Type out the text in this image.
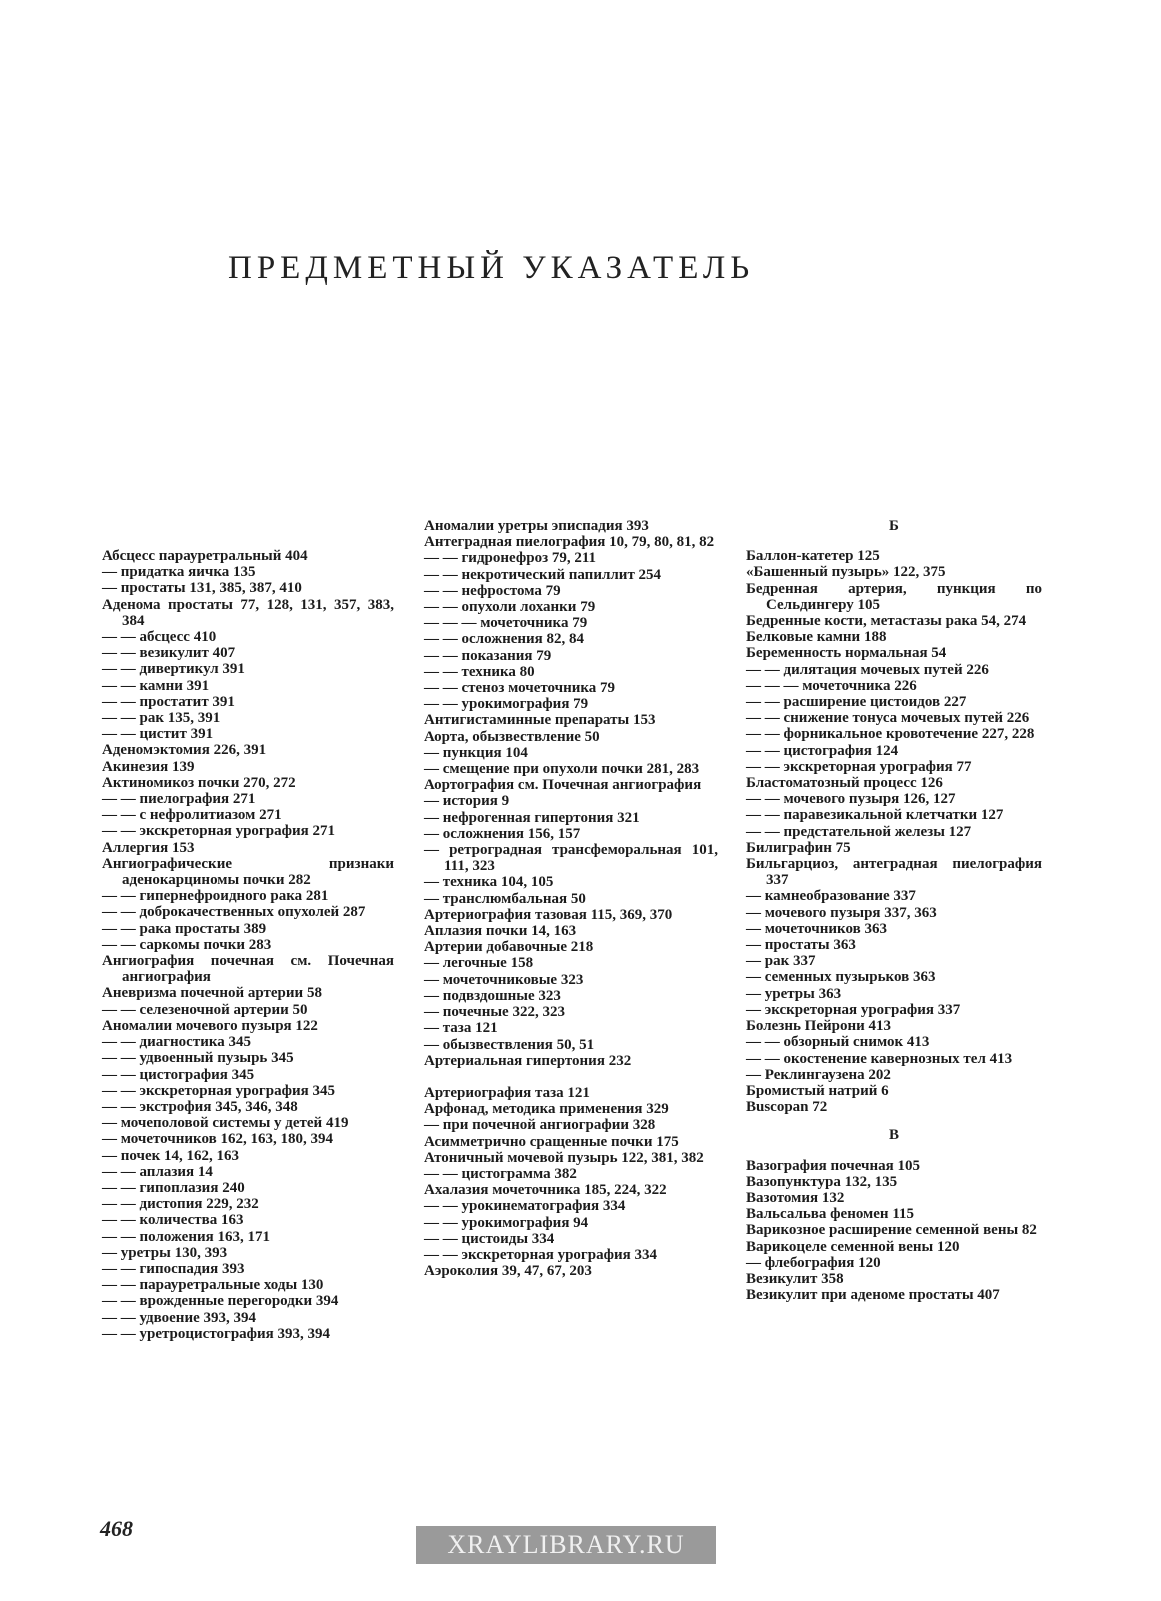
ПРЕДМЕТНЫЙ УКАЗАТЕЛЬ
Абсцесс парауретральный 404
— придатка яичка 135
— простаты 131, 385, 387, 410
Аденома простаты 77, 128, 131, 357, 383, 384
— — абсцесс 410
— — везикулит 407
— — дивертикул 391
— — камни 391
— — простатит 391
— — рак 135, 391
— — цистит 391
Аденомэктомия 226, 391
Акинезия 139
Актиномикоз почки 270, 272
— — пиелография 271
— — с нефролитиазом 271
— — экскреторная урография 271
Аллергия 153
Ангиографические признаки аденокарциномы почки 282
— — гипернефроидного рака 281
— — доброкачественных опухолей 287
— — рака простаты 389
— — саркомы почки 283
Ангиография почечная см. Почечная ангиография
Аневризма почечной артерии 58
— — селезеночной артерии 50
Аномалии мочевого пузыря 122
— — диагностика 345
— — удвоенный пузырь 345
— — цистография 345
— — экскреторная урография 345
— — экстрофия 345, 346, 348
— мочеполовой системы у детей 419
— мочеточников 162, 163, 180, 394
— почек 14, 162, 163
— — аплазия 14
— — гипоплазия 240
— — дистопия 229, 232
— — количества 163
— — положения 163, 171
— уретры 130, 393
— — гипоспадия 393
— — парауретральные ходы 130
— — врожденные перегородки 394
— — удвоение 393, 394
— — уретроцистография 393, 394
Аномалии уретры эписпадия 393
Антеградная пиелография 10, 79, 80, 81, 82
— — гидронефроз 79, 211
— — некротический папиллит 254
— — нефростома 79
— — опухоли лоханки 79
— — — мочеточника 79
— — осложнения 82, 84
— — показания 79
— — техника 80
— — стеноз мочеточника 79
— — урокимография 79
Антигистаминные препараты 153
Аорта, обызвествление 50
— пункция 104
— смещение при опухоли почки 281, 283
Аортография см. Почечная ангиография
— история 9
— нефрогенная гипертония 321
— осложнения 156, 157
— ретроградная трансфеморальная 101, 111, 323
— техника 104, 105
— транслюмбальная 50
Артериография тазовая 115, 369, 370
Аплазия почки 14, 163
Артерии добавочные 218
— легочные 158
— мочеточниковые 323
— подвздошные 323
— почечные 322, 323
— таза 121
— обызвествления 50, 51
Артериальная гипертония 232
Артериография таза 121
Арфонад, методика применения 329
— при почечной ангиографии 328
Асимметрично сращенные почки 175
Атоничный мочевой пузырь 122, 381, 382
— — цистограмма 382
Ахалазия мочеточника 185, 224, 322
— — урокинематография 334
— — урокимография 94
— — цистоиды 334
— — экскреторная урография 334
Аэроколия 39, 47, 67, 203
Б
Баллон-катетер 125
«Башенный пузырь» 122, 375
Бедренная артерия, пункция по Сельдингеру 105
Бедренные кости, метастазы рака 54, 274
Белковые камни 188
Беременность нормальная 54
— — дилятация мочевых путей 226
— — — мочеточника 226
— — расширение цистоидов 227
— — снижение тонуса мочевых путей 226
— — форникальное кровотечение 227, 228
— — цистография 124
— — экскреторная урография 77
Бластоматозный процесс 126
— — мочевого пузыря 126, 127
— — паравезикальной клетчатки 127
— — предстательной железы 127
Билиграфин 75
Бильгарциоз, антеградная пиелография 337
— камнеобразование 337
— мочевого пузыря 337, 363
— мочеточников 363
— простаты 363
— рак 337
— семенных пузырьков 363
— уретры 363
— экскреторная урография 337
Болезнь Пейрони 413
— — обзорный снимок 413
— — окостенение кавернозных тел 413
— Реклингаузена 202
Бромистый натрий 6
Buscopan 72
В
Вазография почечная 105
Вазопунктура 132, 135
Вазотомия 132
Вальсальва феномен 115
Варикозное расширение семенной вены 82
Варикоцеле семенной вены 120
— флебография 120
Везикулит 358
Везикулит при аденоме простаты 407
468
XRAYLIBRARY.RU
